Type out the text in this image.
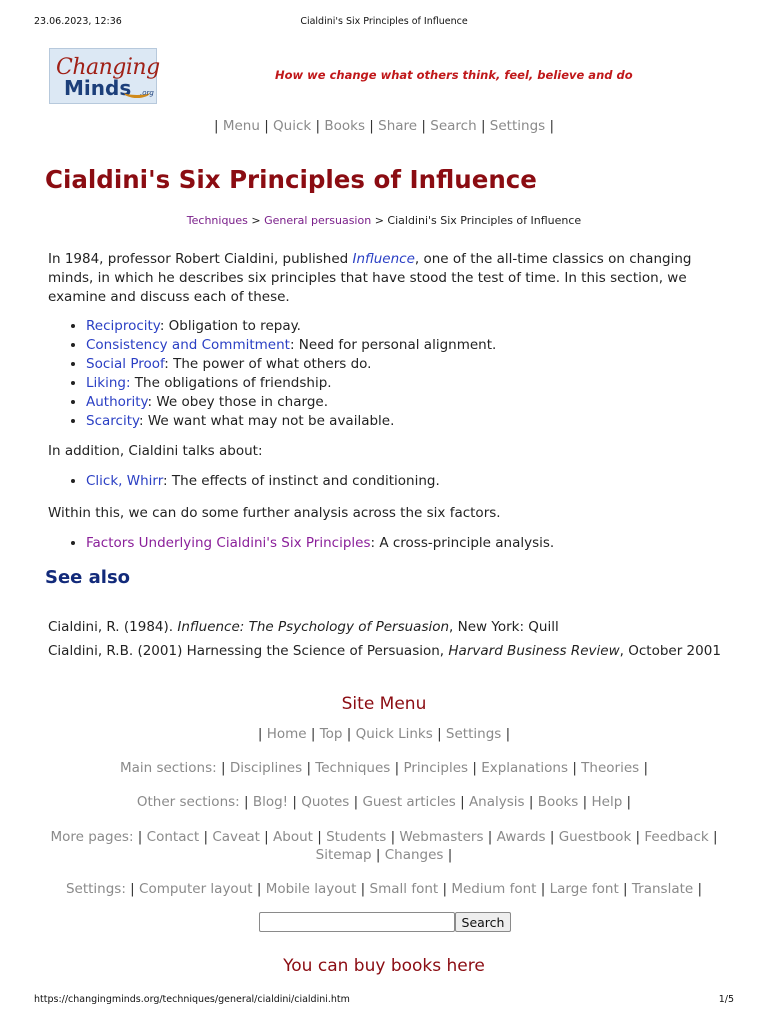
23.06.2023, 12:36	Cialdini's Six Principles of Influence
Changing
Minds .org
How we change what others think, feel, believe and do
| Menu | Quick | Books | Share | Search | Settings |
Cialdini's Six Principles of Influence
Techniques > General persuasion > Cialdini's Six Principles of Influence

In 1984, professor Robert Cialdini, published Influence, one of the all-time classics on changing minds, in which he describes six principles that have stood the test of time. In this section, we examine and discuss each of these.

• Reciprocity: Obligation to repay.
• Consistency and Commitment: Need for personal alignment.
• Social Proof: The power of what others do.
• Liking: The obligations of friendship.
• Authority: We obey those in charge.
• Scarcity: We want what may not be available.

In addition, Cialdini talks about:

• Click, Whirr: The effects of instinct and conditioning.

Within this, we can do some further analysis across the six factors.

• Factors Underlying Cialdini's Six Principles: A cross-principle analysis.
See also

Cialdini, R. (1984). Influence: The Psychology of Persuasion, New York: Quill

Cialdini, R.B. (2001) Harnessing the Science of Persuasion, Harvard Business Review, October 2001

Site Menu
| Home | Top | Quick Links | Settings |
Main sections: | Disciplines | Techniques | Principles | Explanations | Theories |
Other sections: | Blog! | Quotes | Guest articles | Analysis | Books | Help |
More pages: | Contact | Caveat | About | Students | Webmasters | Awards | Guestbook | Feedback | Sitemap | Changes |
Settings: | Computer layout | Mobile layout | Small font | Medium font | Large font | Translate |
Search
You can buy books here
https://changingminds.org/techniques/general/cialdini/cialdini.htm	1/5
